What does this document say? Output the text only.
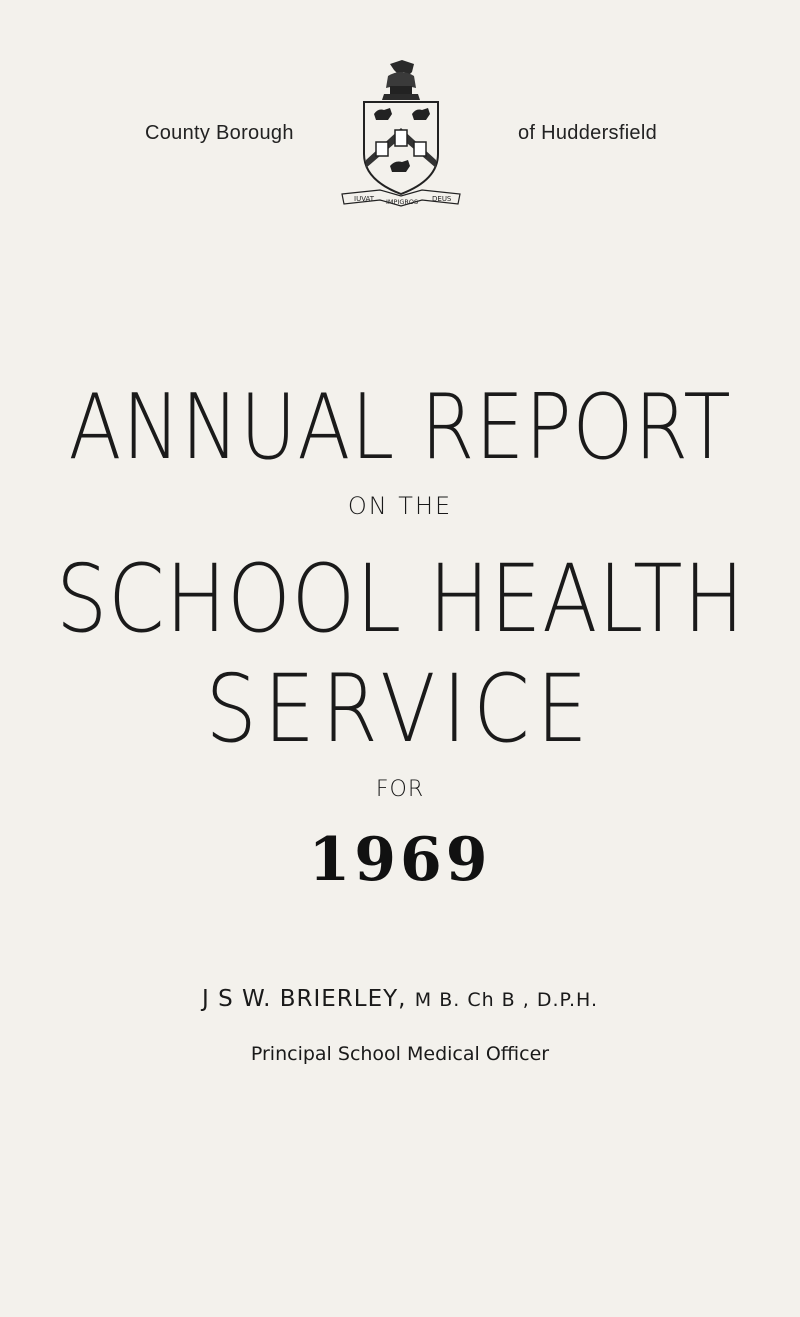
County Borough
IUVAT IMPIGROS DEUS
of Huddersfield
ANNUAL REPORT
ON THE
SCHOOL HEALTH
SERVICE
FOR
1969
J S W. BRIERLEY, M B. Ch B , D.P.H.
Principal School Medical Officer
